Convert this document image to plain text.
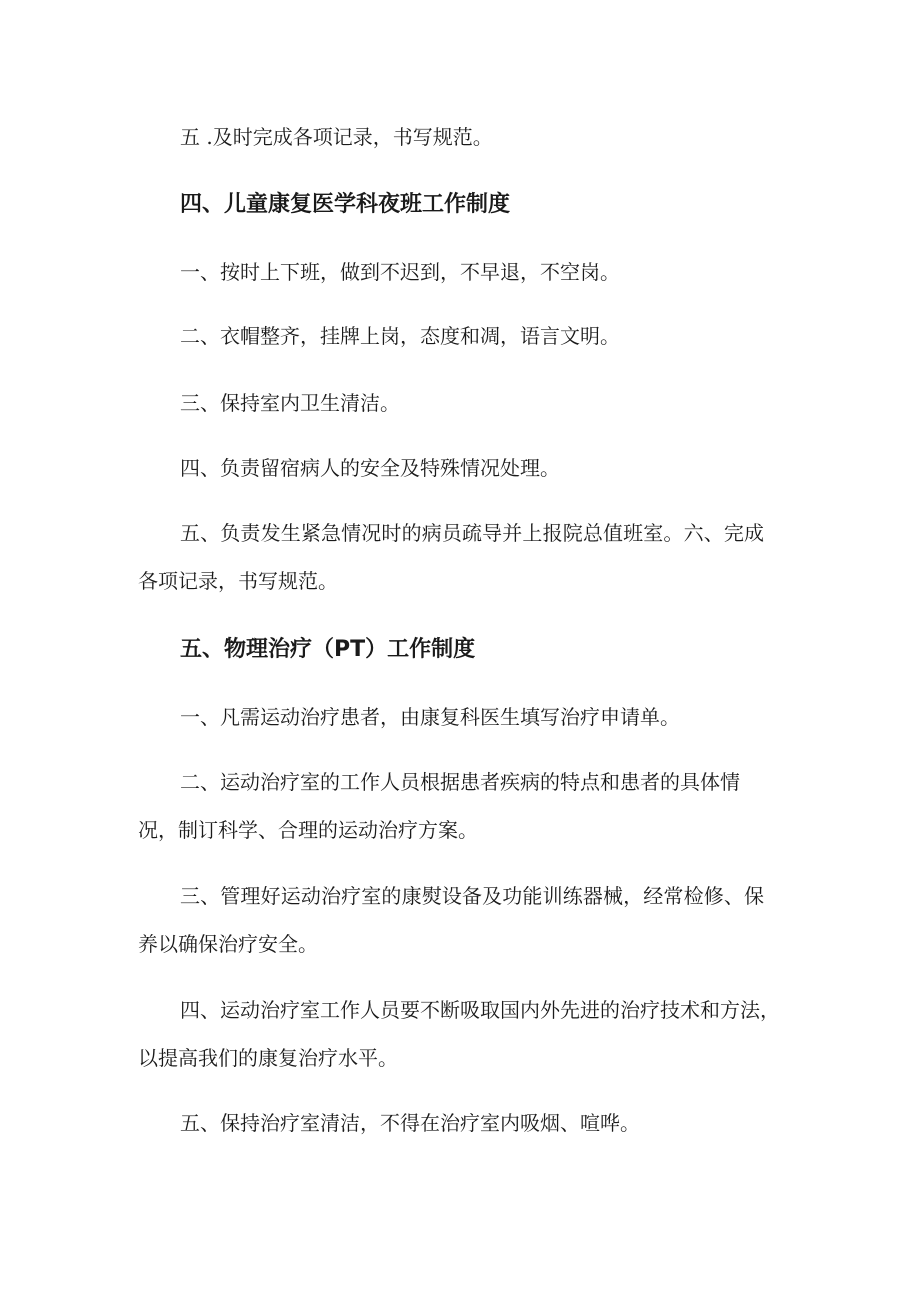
五 .及时完成各项记录，书写规范。
四、儿童康复医学科夜班工作制度
一、按时上下班，做到不迟到，不早退，不空岗。
二、衣帽整齐，挂牌上岗，态度和凋，语言文明。
三、保持室内卫生清洁。
四、负责留宿病人的安全及特殊情况处理。
五、负责发生紧急情况时的病员疏导并上报院总值班室。六、完成
各项记录，书写规范。
五、物理治疗（PT）工作制度
一、凡需运动治疗患者，由康复科医生填写治疗申请单。
二、运动治疗室的工作人员根据患者疾病的特点和患者的具体情
况，制订科学、合理的运动治疗方案。
三、管理好运动治疗室的康熨设备及功能训练器械，经常检修、保
养以确保治疗安全。
四、运动治疗室工作人员要不断吸取国内外先进的治疗技术和方法，
以提高我们的康复治疗水平。
五、保持治疗室清洁，不得在治疗室内吸烟、喧哗。
